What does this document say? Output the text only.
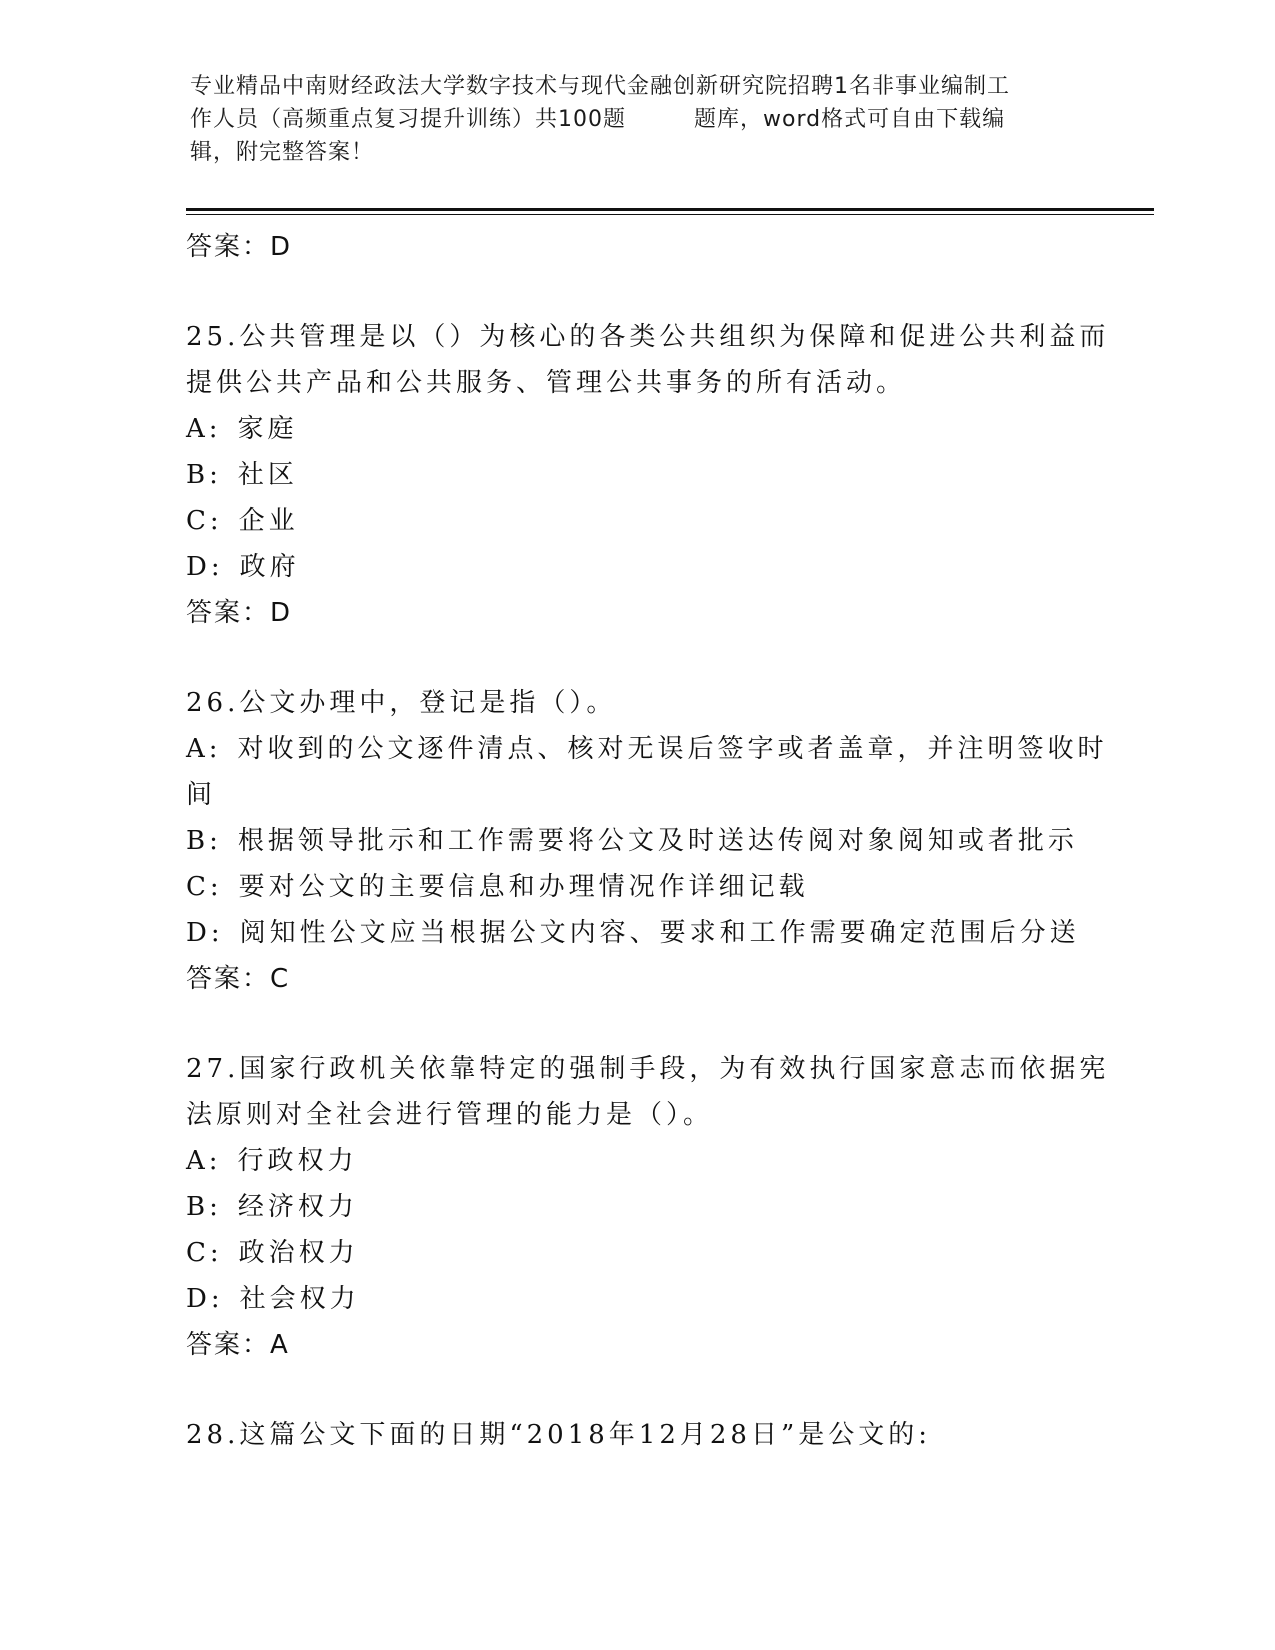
专业精品中南财经政法大学数字技术与现代金融创新研究院招聘1名非事业编制工
作人员（高频重点复习提升训练）共100题	题库，word格式可自由下载编
辑，附完整答案！
答案：D
25.公共管理是以（）为核心的各类公共组织为保障和促进公共利益而
提供公共产品和公共服务、管理公共事务的所有活动。
A: 家庭
B: 社区
C: 企业
D: 政府
答案：D
26.公文办理中，登记是指（）。
A: 对收到的公文逐件清点、核对无误后签字或者盖章，并注明签收时
间
B: 根据领导批示和工作需要将公文及时送达传阅对象阅知或者批示
C: 要对公文的主要信息和办理情况作详细记载
D: 阅知性公文应当根据公文内容、要求和工作需要确定范围后分送
答案：C
27.国家行政机关依靠特定的强制手段，为有效执行国家意志而依据宪
法原则对全社会进行管理的能力是（）。
A: 行政权力
B: 经济权力
C: 政治权力
D: 社会权力
答案：A
28.这篇公文下面的日期“2018年12月28日”是公文的:
